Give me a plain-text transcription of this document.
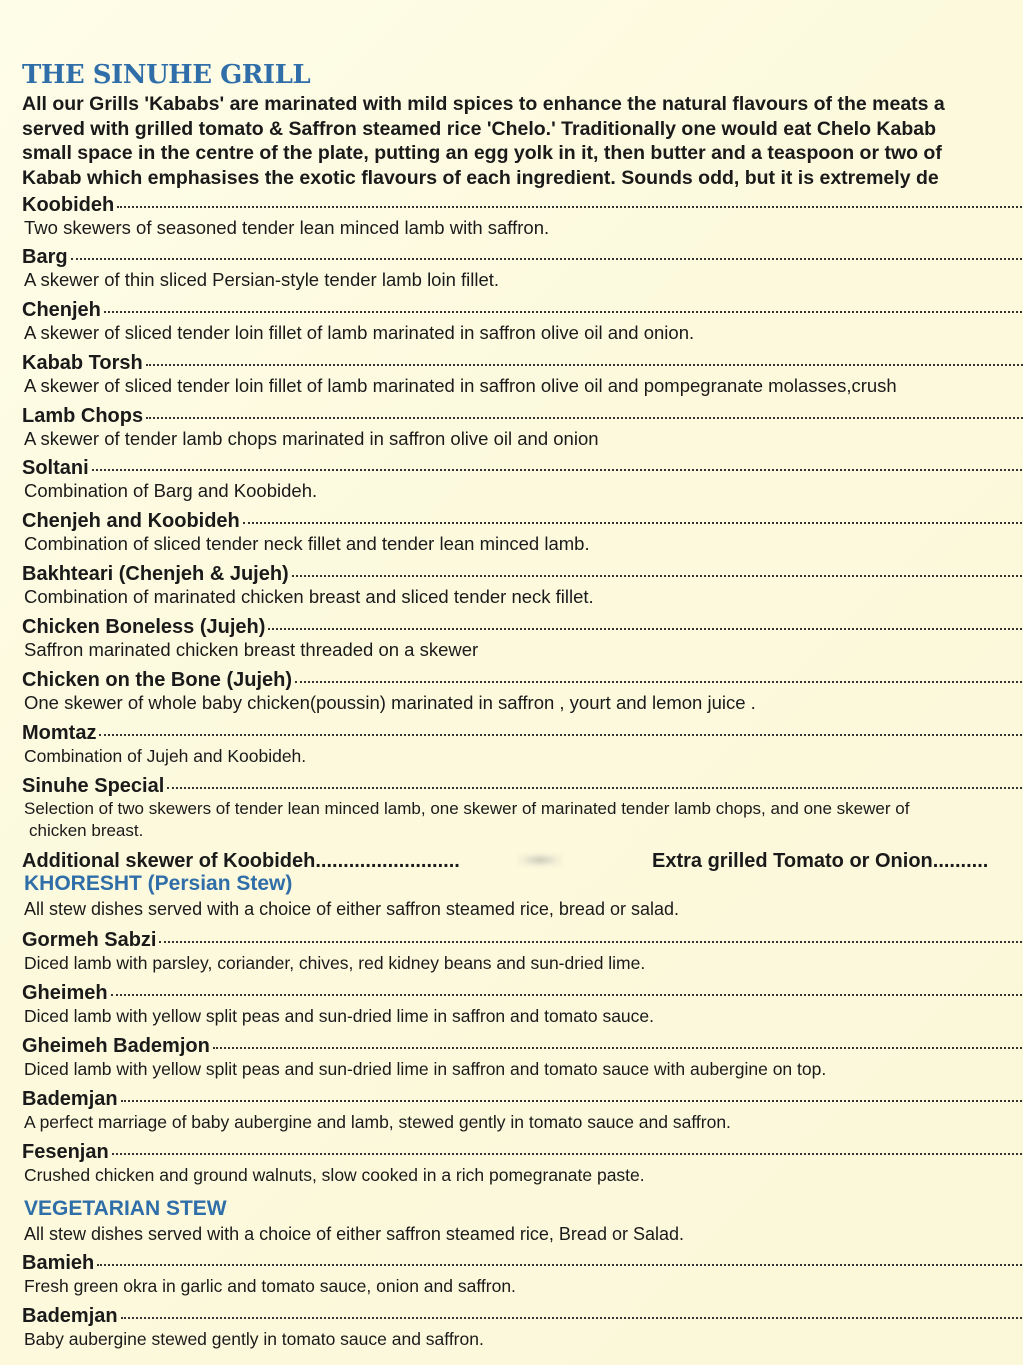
THE SINUHE GRILL

All our Grills 'Kababs' are marinated with mild spices to enhance the natural flavours of the meats a

served with grilled tomato & Saffron steamed rice 'Chelo.' Traditionally one would eat Chelo Kabab

small space in the centre of the plate, putting an egg yolk in it, then butter and a teaspoon or two of

Kabab which emphasises the exotic flavours of each ingredient. Sounds odd, but it is extremely de

Koobideh
Two skewers of seasoned tender lean minced lamb with saffron.
Barg
A skewer of thin sliced Persian-style tender lamb loin fillet.
Chenjeh
A skewer of sliced tender loin fillet of lamb marinated in saffron olive oil and onion.
Kabab Torsh
A skewer of sliced tender loin fillet of lamb marinated in saffron olive oil and pompegranate molasses,crush
Lamb Chops
A skewer of tender lamb chops marinated in saffron olive oil and onion
Soltani
Combination of Barg and Koobideh.
Chenjeh and Koobideh
Combination of sliced tender neck fillet and tender lean minced lamb.
Bakhteari (Chenjeh & Jujeh)
Combination of marinated chicken breast and sliced tender neck fillet.
Chicken Boneless (Jujeh)
Saffron marinated chicken breast threaded on a skewer
Chicken on the Bone (Jujeh)
One skewer of whole baby chicken(poussin) marinated in saffron , yourt and lemon juice .
Momtaz
Combination of Jujeh and Koobideh.
Sinuhe Special
Selection of two skewers of tender lean minced lamb, one skewer of marinated tender lamb chops, and one skewer of
chicken breast.
Additional skewer of Koobideh..........................	Extra grilled Tomato or Onion..........
KHORESHT (Persian Stew)
All stew dishes served with a choice of either saffron steamed rice, bread or salad.
Gormeh Sabzi
Diced lamb with parsley, coriander, chives, red kidney beans and sun-dried lime.
Gheimeh
Diced lamb with yellow split peas and sun-dried lime in saffron and tomato sauce.
Gheimeh Bademjon
Diced lamb with yellow split peas and sun-dried lime in saffron and tomato sauce with aubergine on top.
Bademjan
A perfect marriage of baby aubergine and lamb, stewed gently in tomato sauce and saffron.
Fesenjan
Crushed chicken and ground walnuts, slow cooked in a rich pomegranate paste.
VEGETARIAN STEW
All stew dishes served with a choice of either saffron steamed rice, Bread or Salad.
Bamieh
Fresh green okra in garlic and tomato sauce, onion and saffron.
Bademjan
Baby aubergine stewed gently in tomato sauce and saffron.
